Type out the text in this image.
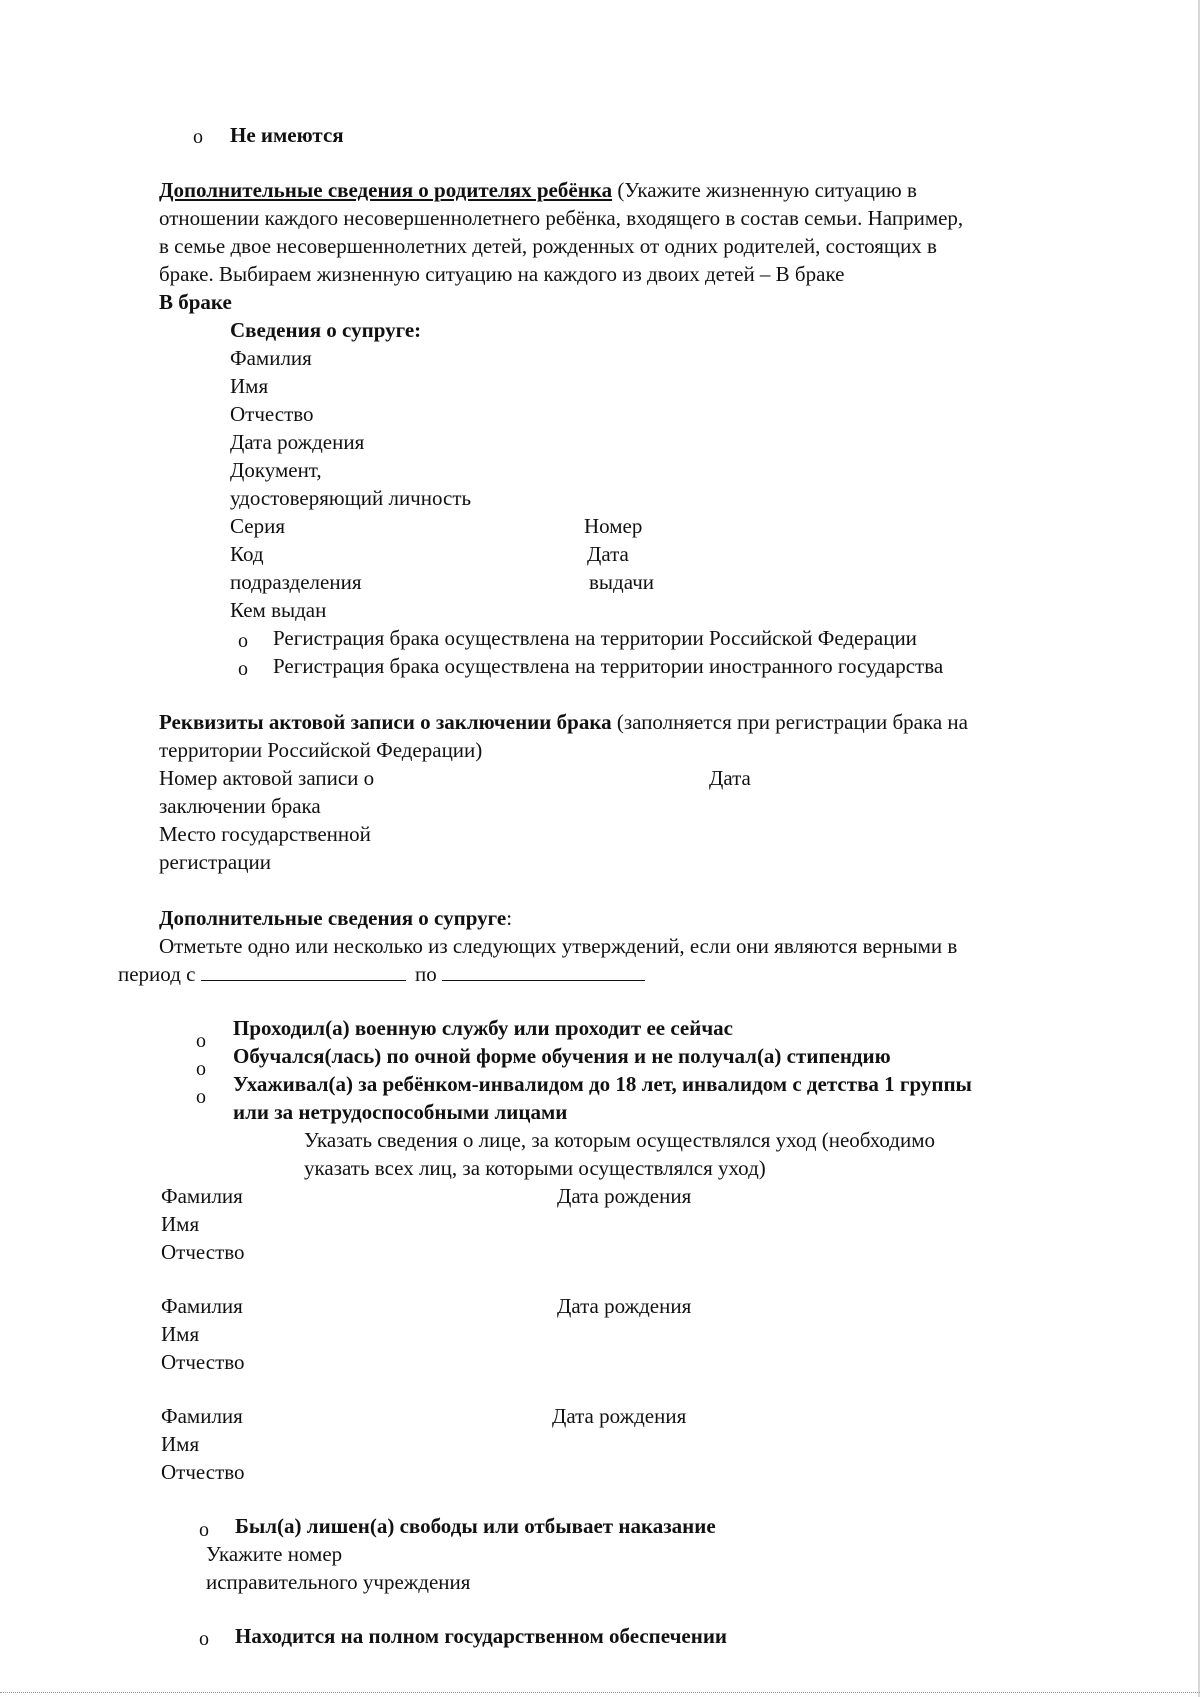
o Не имеются
Дополнительные сведения о родителях ребёнка (Укажите жизненную ситуацию в
отношении каждого несовершеннолетнего ребёнка, входящего в состав семьи. Например,
в семье двое несовершеннолетних детей, рожденных от одних родителей, состоящих в
браке. Выбираем жизненную ситуацию на каждого из двоих детей – В браке
В браке
Сведения о супруге:
Фамилия
Имя
Отчество
Дата рождения
Документ,
удостоверяющий личность
Серия	Номер
Код	Дата
подразделения	выдачи
Кем выдан
o Регистрация брака осуществлена на территории Российской Федерации
o Регистрация брака осуществлена на территории иностранного государства
Реквизиты актовой записи о заключении брака (заполняется при регистрации брака на
территории Российской Федерации)
Номер актовой записи о	Дата
заключении брака
Место государственной
регистрации
Дополнительные сведения о супруге:
Отметьте одно или несколько из следующих утверждений, если они являются верными в
период с	по
o
Проходил(а) военную службу или проходит ее сейчас
o
Обучался(лась) по очной форме обучения и не получал(а) стипендию
o
Ухаживал(а) за ребёнком-инвалидом до 18 лет, инвалидом с детства 1 группы
или за нетрудоспособными лицами
Указать сведения о лице, за которым осуществлялся уход (необходимо
указать всех лиц, за которыми осуществлялся уход)
Фамилия	Дата рождения
Имя
Отчество
Фамилия	Дата рождения
Имя
Отчество
Фамилия	Дата рождения
Имя
Отчество
o Был(а) лишен(а) свободы или отбывает наказание
Укажите номер
исправительного учреждения
o Находится на полном государственном обеспечении
